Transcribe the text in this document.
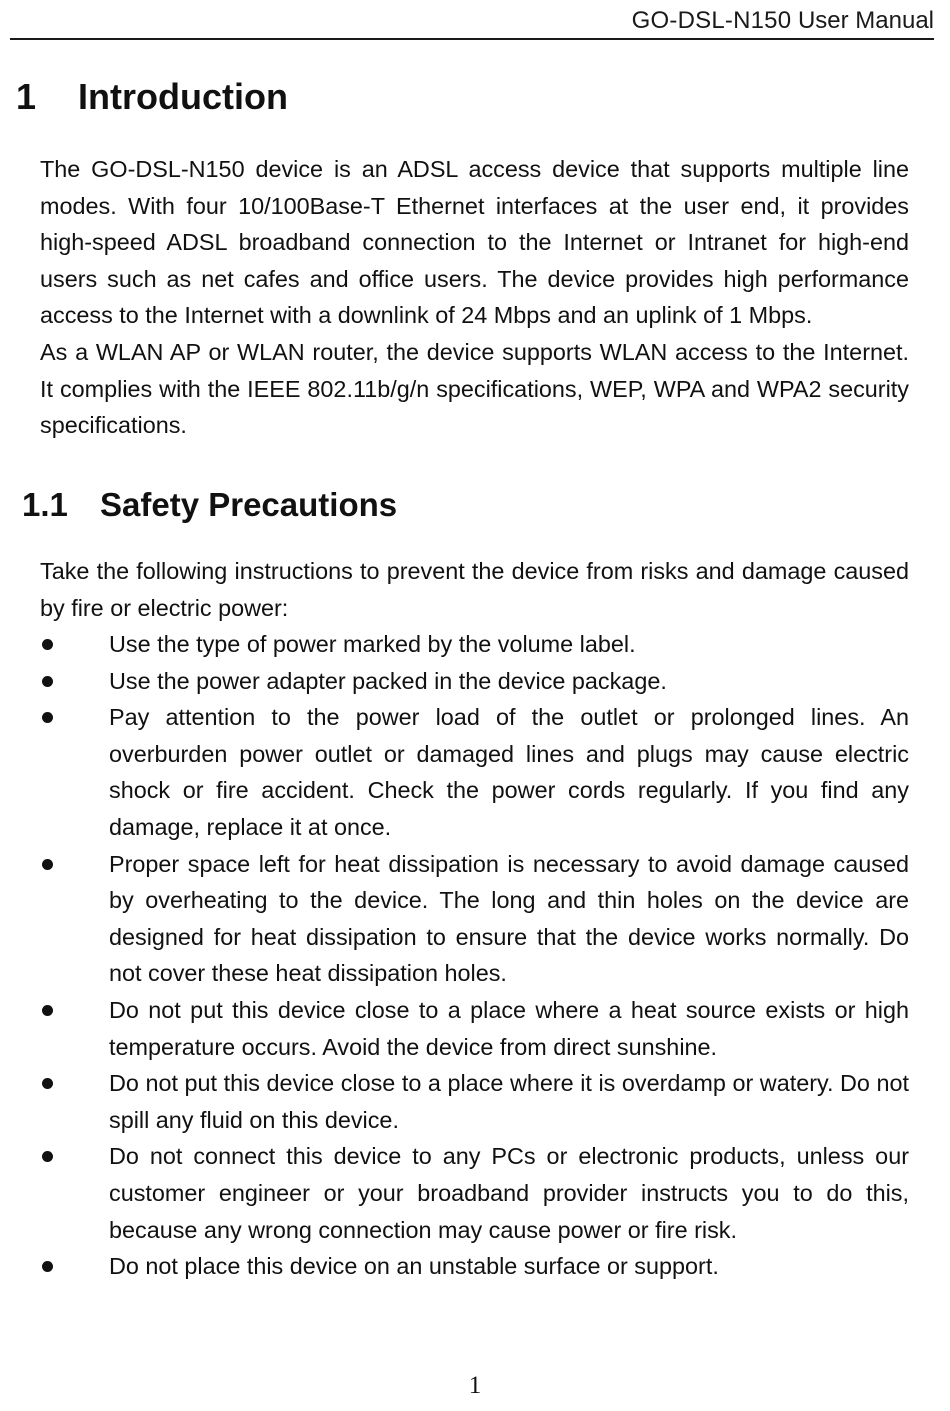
GO-DSL-N150 User Manual
1 Introduction

The GO-DSL-N150 device is an ADSL access device that supports multiple line modes. With four 10/100Base-T Ethernet interfaces at the user end, it provides high-speed ADSL broadband connection to the Internet or Intranet for high-end users such as net cafes and office users. The device provides high performance access to the Internet with a downlink of 24 Mbps and an uplink of 1 Mbps.

As a WLAN AP or WLAN router, the device supports WLAN access to the Internet. It complies with the IEEE 802.11b/g/n specifications, WEP, WPA and WPA2 security specifications.

1.1 Safety Precautions

Take the following instructions to prevent the device from risks and damage caused by fire or electric power:

Use the type of power marked by the volume label.
Use the power adapter packed in the device package.
Pay attention to the power load of the outlet or prolonged lines. An overburden power outlet or damaged lines and plugs may cause electric shock or fire accident. Check the power cords regularly. If you find any damage, replace it at once.
Proper space left for heat dissipation is necessary to avoid damage caused by overheating to the device. The long and thin holes on the device are designed for heat dissipation to ensure that the device works normally. Do not cover these heat dissipation holes.
Do not put this device close to a place where a heat source exists or high temperature occurs. Avoid the device from direct sunshine.
Do not put this device close to a place where it is overdamp or watery. Do not spill any fluid on this device.
Do not connect this device to any PCs or electronic products, unless our customer engineer or your broadband provider instructs you to do this, because any wrong connection may cause power or fire risk.
Do not place this device on an unstable surface or support.
1
